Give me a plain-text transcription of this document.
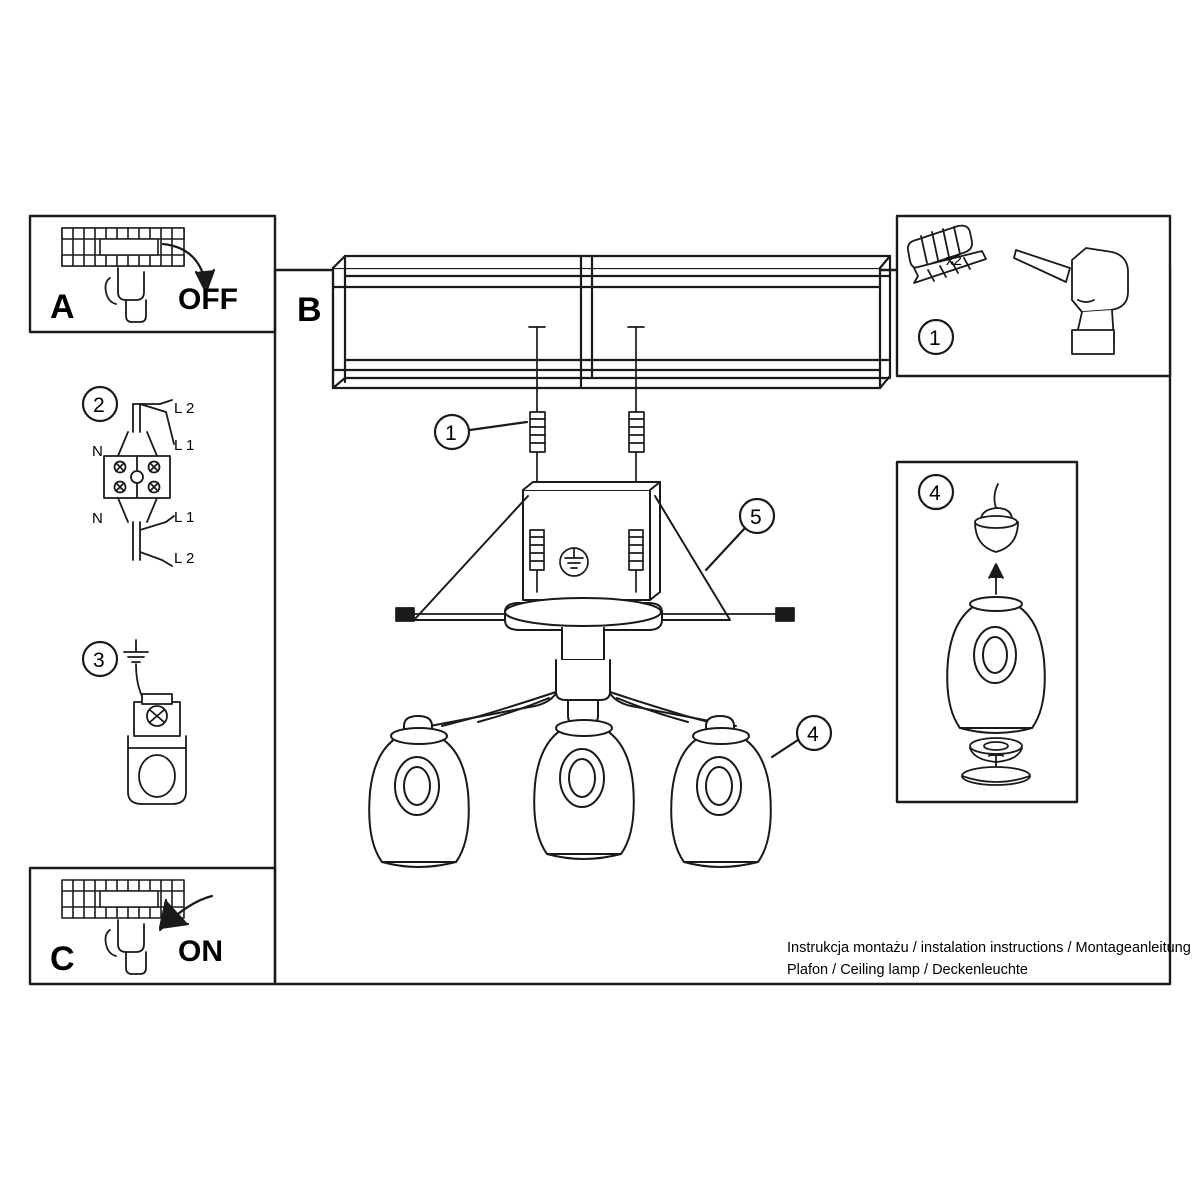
A	OFF B
C	ON
2
3
1
4
1
5
4
x2
L 2
L 1
N
N	L 1
L 2
Instrukcja montażu / instalation instructions / Montageanleitung
Plafon / Ceiling lamp / Deckenleuchte
